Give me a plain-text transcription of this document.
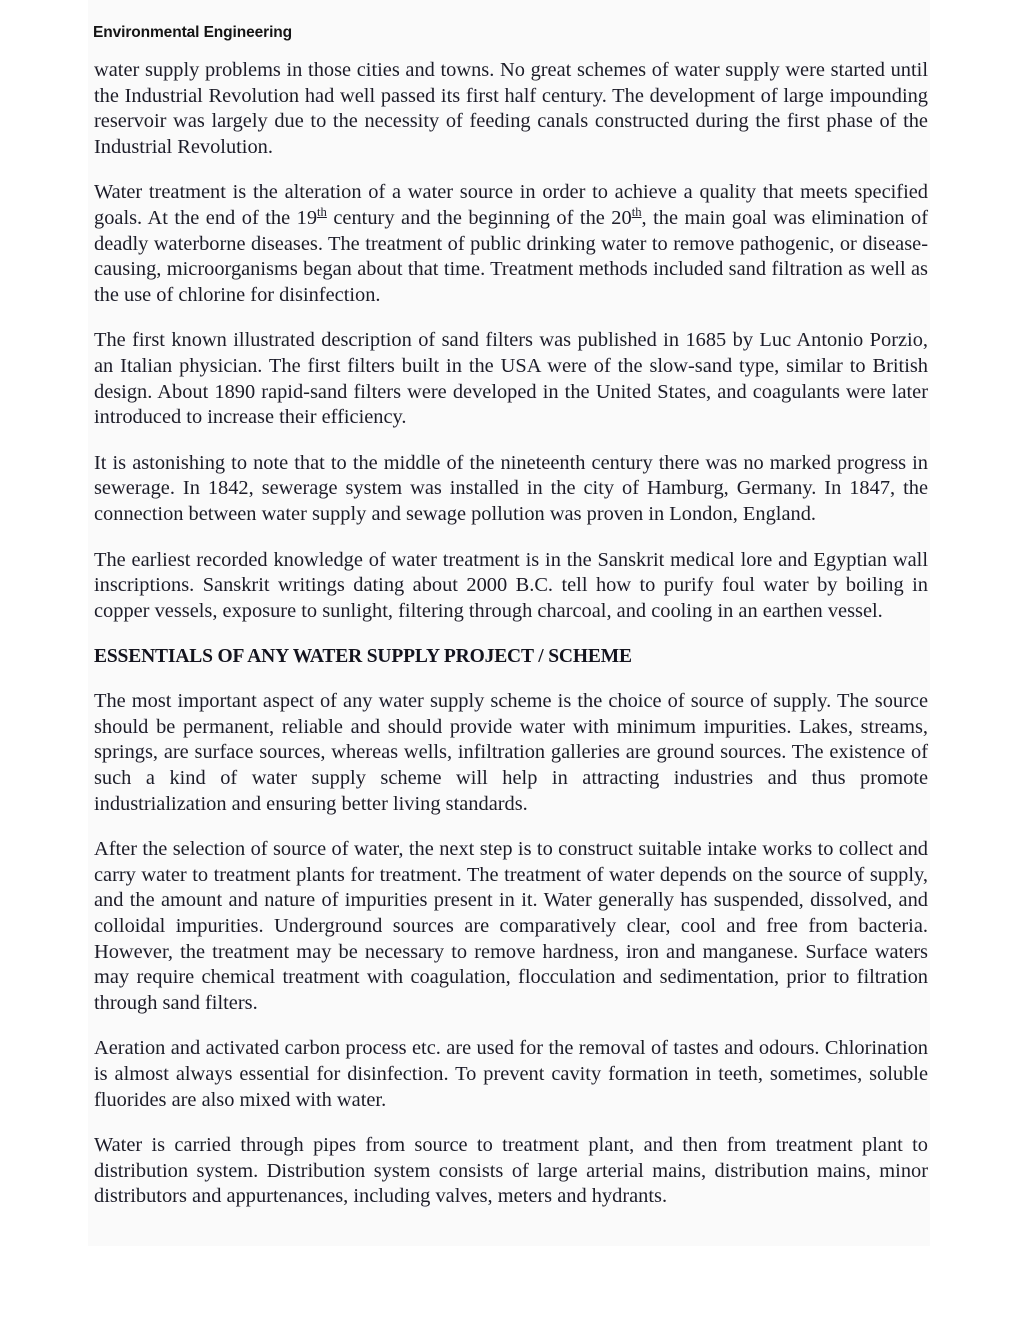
Environmental Engineering

water supply problems in those cities and towns. No great schemes of water supply were started until the Industrial Revolution had well passed its first half century. The development of large impounding reservoir was largely due to the necessity of feeding canals constructed during the first phase of the Industrial Revolution.

Water treatment is the alteration of a water source in order to achieve a quality that meets specified goals. At the end of the 19th century and the beginning of the 20th, the main goal was elimination of deadly waterborne diseases. The treatment of public drinking water to remove pathogenic, or disease-causing, microorganisms began about that time. Treatment methods included sand filtration as well as the use of chlorine for disinfection.

The first known illustrated description of sand filters was published in 1685 by Luc Antonio Porzio, an Italian physician. The first filters built in the USA were of the slow-sand type, similar to British design. About 1890 rapid-sand filters were developed in the United States, and coagulants were later introduced to increase their efficiency.

It is astonishing to note that to the middle of the nineteenth century there was no marked progress in sewerage. In 1842, sewerage system was installed in the city of Hamburg, Germany. In 1847, the connection between water supply and sewage pollution was proven in London, England.

The earliest recorded knowledge of water treatment is in the Sanskrit medical lore and Egyptian wall inscriptions. Sanskrit writings dating about 2000 B.C. tell how to purify foul water by boiling in copper vessels, exposure to sunlight, filtering through charcoal, and cooling in an earthen vessel.

ESSENTIALS OF ANY WATER SUPPLY PROJECT / SCHEME

The most important aspect of any water supply scheme is the choice of source of supply. The source should be permanent, reliable and should provide water with minimum impurities. Lakes, streams, springs, are surface sources, whereas wells, infiltration galleries are ground sources. The existence of such a kind of water supply scheme will help in attracting industries and thus promote industrialization and ensuring better living standards.

After the selection of source of water, the next step is to construct suitable intake works to collect and carry water to treatment plants for treatment. The treatment of water depends on the source of supply, and the amount and nature of impurities present in it. Water generally has suspended, dissolved, and colloidal impurities. Underground sources are comparatively clear, cool and free from bacteria. However, the treatment may be necessary to remove hardness, iron and manganese. Surface waters may require chemical treatment with coagulation, flocculation and sedimentation, prior to filtration through sand filters.

Aeration and activated carbon process etc. are used for the removal of tastes and odours. Chlorination is almost always essential for disinfection. To prevent cavity formation in teeth, sometimes, soluble fluorides are also mixed with water.

Water is carried through pipes from source to treatment plant, and then from treatment plant to distribution system. Distribution system consists of large arterial mains, distribution mains, minor distributors and appurtenances, including valves, meters and hydrants.
